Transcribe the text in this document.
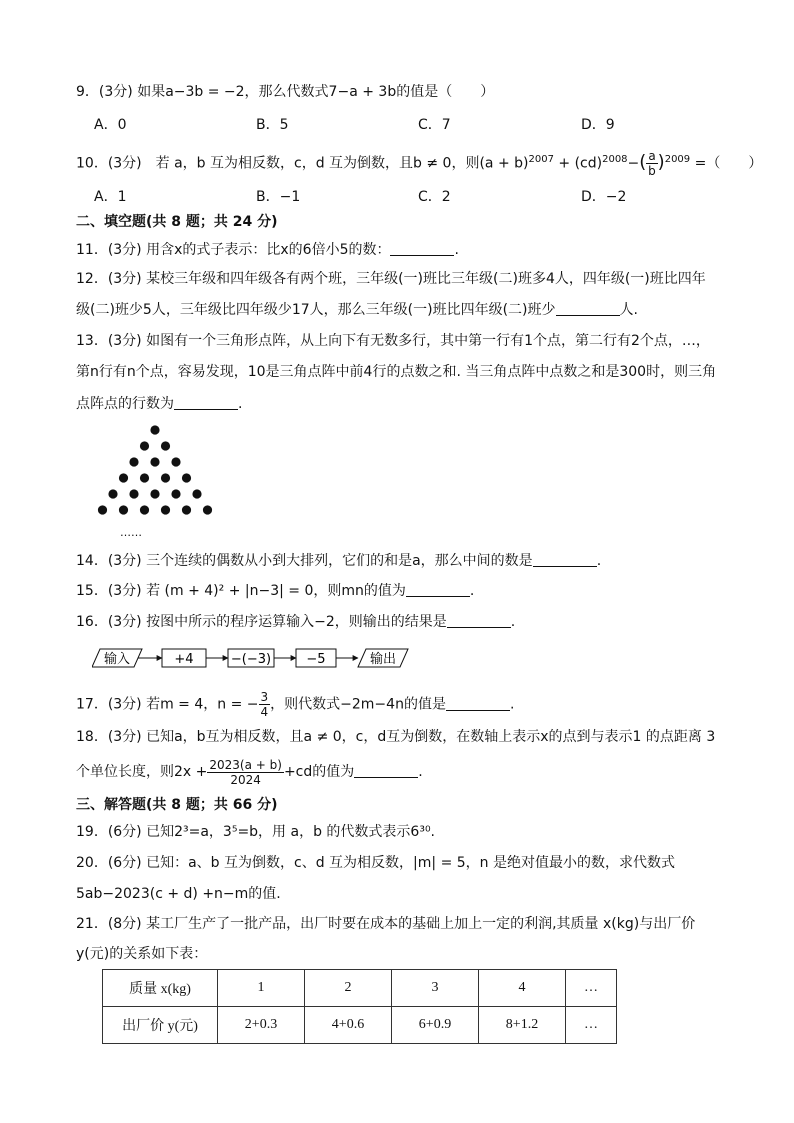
9．(3分) 如果a−3b = −2，那么代数式7−a + 3b的值是（　　）
A．0	B．5	C．7	D．9
10．(3分)　若 a，b 互为相反数，c，d 互为倒数，且b ≠ 0，则$(a + b)^{2007} + (cd)^{2008}-( \frac{a}{b} )^{2009}$ =（　　）
A．1	B．−1	C．2	D．−2
二、填空题(共 8 题；共 24 分)
11．(3分) 用含x的式子表示：比x的6倍小5的数：	.
12．(3分) 某校三年级和四年级各有两个班，三年级(一)班比三年级(二)班多4人，四年级(一)班比四年
级(二)班少5人，三年级比四年级少17人，那么三年级(一)班比四年级(二)班少	人.
13．(3分) 如图有一个三角形点阵，从上向下有无数多行，其中第一行有1个点，第二行有2个点，…，
第n行有n个点，容易发现，10是三角点阵中前4行的点数之和. 当三角点阵中点数之和是300时，则三角
点阵点的行数为	.
……
14．(3分) 三个连续的偶数从小到大排列，它们的和是a，那么中间的数是	.
15．(3分) 若 (m + 4)² + |n−3| = 0，则mn的值为	.
16．(3分) 按图中所示的程序运算输入−2，则输出的结果是	.
输入	+4	−(−3)	−5	输出
17．(3分) 若m = 4，n = − $\frac{3}{4}$ ，则代数式−2m−4n的值是	.
18．(3分) 已知a，b互为相反数，且a ≠ 0，c，d互为倒数，在数轴上表示x的点到与表示1 的点距离 3
个单位长度，则$2x + \frac{2023(a + b)}{2024} +cd$的值为	.
三、解答题(共 8 题；共 66 分)
19．(6分) 已知2³=a，3⁵=b，用 a，b 的代数式表示6³⁰.
20．(6分) 已知：a、b 互为倒数，c、d 互为相反数，|m| = 5，n 是绝对值最小的数，求代数式
5ab−2023(c + d) +n−m的值.
21．(8分) 某工厂生产了一批产品，出厂时要在成本的基础上加上一定的利润,其质量 x(kg)与出厂价
y(元)的关系如下表：
质量 x(kg)	1	2	3	4	…
出厂价 y(元)	2+0.3	4+0.6	6+0.9	8+1.2	…
